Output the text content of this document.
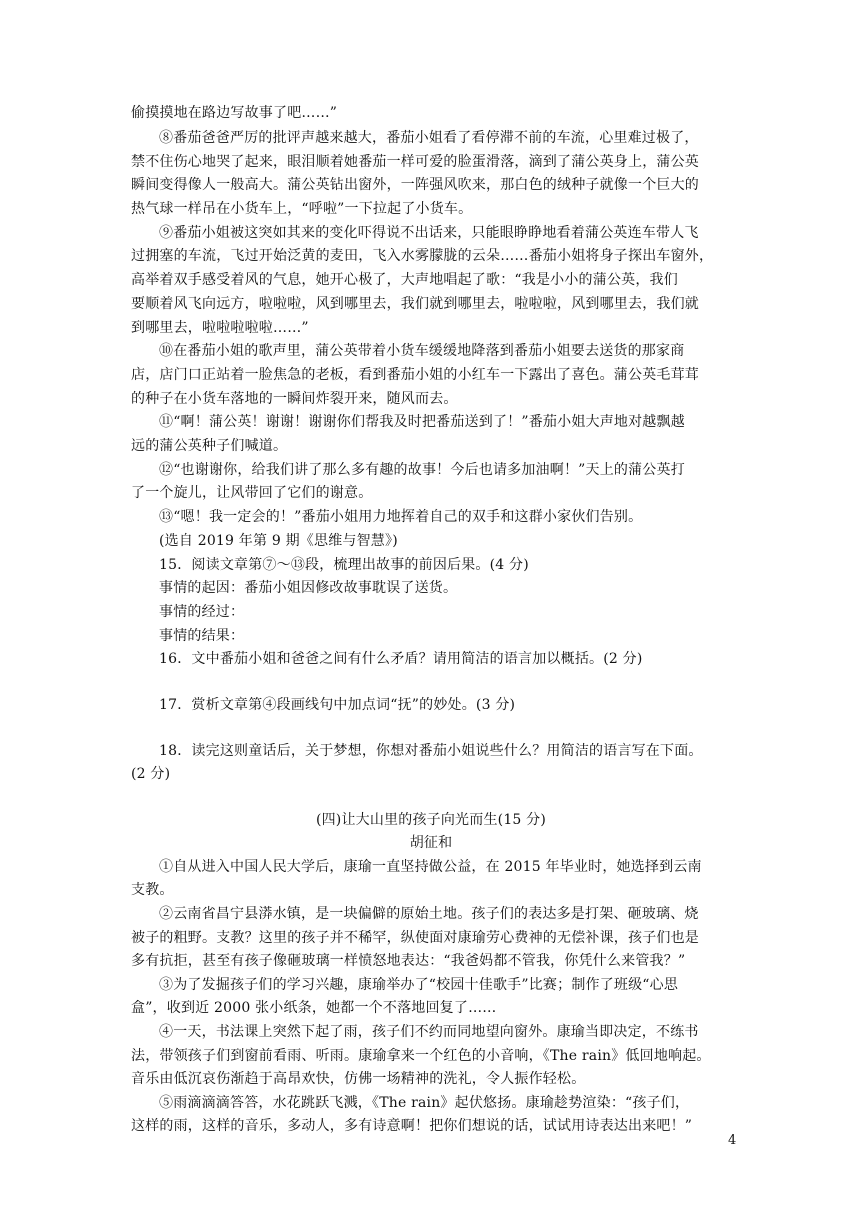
偷摸摸地在路边写故事了吧……”
⑧番茄爸爸严厉的批评声越来越大，番茄小姐看了看停滞不前的车流，心里难过极了，
禁不住伤心地哭了起来，眼泪顺着她番茄一样可爱的脸蛋滑落，滴到了蒲公英身上，蒲公英
瞬间变得像人一般高大。蒲公英钻出窗外，一阵强风吹来，那白色的绒种子就像一个巨大的
热气球一样吊在小货车上，“呼啦”一下拉起了小货车。
⑨番茄小姐被这突如其来的变化吓得说不出话来，只能眼睁睁地看着蒲公英连车带人飞
过拥塞的车流，飞过开始泛黄的麦田，飞入水雾朦胧的云朵……番茄小姐将身子探出车窗外，
高举着双手感受着风的气息，她开心极了，大声地唱起了歌：“我是小小的蒲公英，我们
要顺着风飞向远方，啦啦啦，风到哪里去，我们就到哪里去，啦啦啦，风到哪里去，我们就
到哪里去，啦啦啦啦啦……”
⑩在番茄小姐的歌声里，蒲公英带着小货车缓缓地降落到番茄小姐要去送货的那家商
店，店门口正站着一脸焦急的老板，看到番茄小姐的小红车一下露出了喜色。蒲公英毛茸茸
的种子在小货车落地的一瞬间炸裂开来，随风而去。
⑪“啊！蒲公英！谢谢！谢谢你们帮我及时把番茄送到了！”番茄小姐大声地对越飘越
远的蒲公英种子们喊道。
⑫“也谢谢你，给我们讲了那么多有趣的故事！今后也请多加油啊！”天上的蒲公英打
了一个旋儿，让风带回了它们的谢意。
⑬“嗯！我一定会的！”番茄小姐用力地挥着自己的双手和这群小家伙们告别。
(选自 2019 年第 9 期《思维与智慧》)
15．阅读文章第⑦～⑬段，梳理出故事的前因后果。(4 分)
事情的起因：番茄小姐因修改故事耽误了送货。
事情的经过：
事情的结果：
16．文中番茄小姐和爸爸之间有什么矛盾？请用简洁的语言加以概括。(2 分)
17．赏析文章第④段画线句中加点词“抚”的妙处。(3 分)
18．读完这则童话后，关于梦想，你想对番茄小姐说些什么？用简洁的语言写在下面。
(2 分)
(四)让大山里的孩子向光而生(15 分)
胡征和
①自从进入中国人民大学后，康瑜一直坚持做公益，在 2015 年毕业时，她选择到云南
支教。
②云南省昌宁县漭水镇，是一块偏僻的原始土地。孩子们的表达多是打架、砸玻璃、烧
被子的粗野。支教？这里的孩子并不稀罕，纵使面对康瑜劳心费神的无偿补课，孩子们也是
多有抗拒，甚至有孩子像砸玻璃一样愤怒地表达：“我爸妈都不管我，你凭什么来管我？”
③为了发掘孩子们的学习兴趣，康瑜举办了“校园十佳歌手”比赛；制作了班级“心思
盒”，收到近 2000 张小纸条，她都一个不落地回复了……
④一天，书法课上突然下起了雨，孩子们不约而同地望向窗外。康瑜当即决定，不练书
法，带领孩子们到窗前看雨、听雨。康瑜拿来一个红色的小音响，《The rain》低回地响起。
音乐由低沉哀伤渐趋于高昂欢快，仿佛一场精神的洗礼，令人振作轻松。
⑤雨滴滴滴答答，水花跳跃飞溅，《The rain》起伏悠扬。康瑜趁势渲染：“孩子们，
这样的雨，这样的音乐，多动人，多有诗意啊！把你们想说的话，试试用诗表达出来吧！”
4
